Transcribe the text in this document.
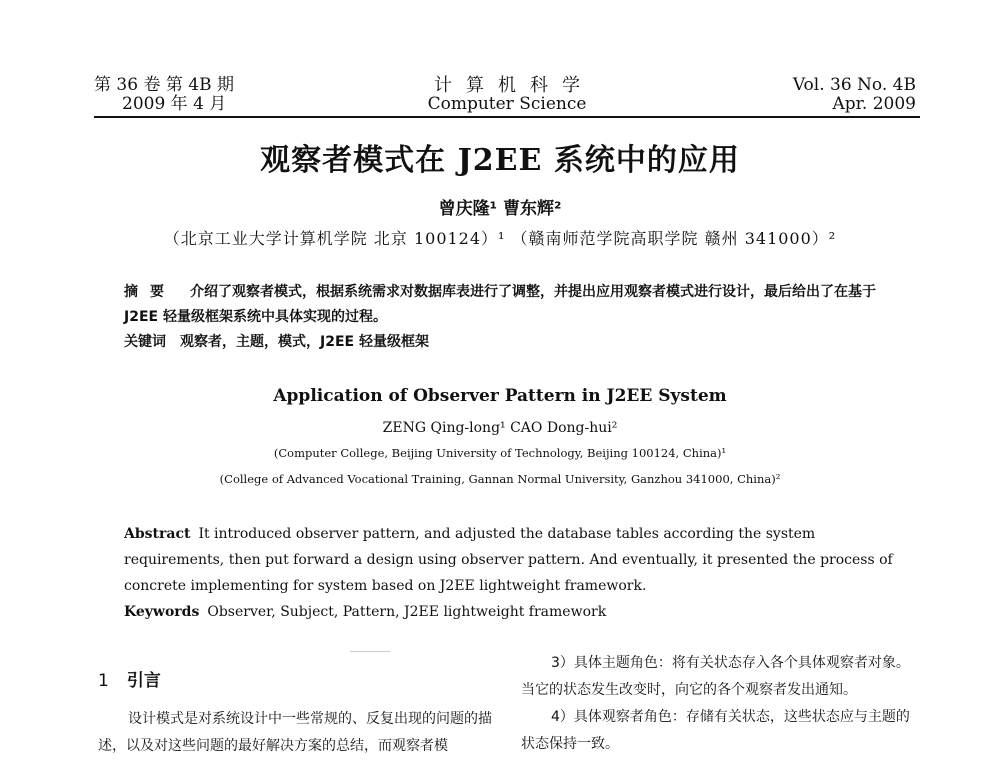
第 36 卷 第 4B 期
2009 年 4 月
计算机科学
Computer Science
Vol. 36 No. 4B
Apr. 2009
观察者模式在 J2EE 系统中的应用
曾庆隆¹ 曹东辉²
（北京工业大学计算机学院 北京 100124）¹ （赣南师范学院高职学院 赣州 341000）²
摘要 介绍了观察者模式，根据系统需求对数据库表进行了调整，并提出应用观察者模式进行设计，最后给出了在基于 J2EE 轻量级框架系统中具体实现的过程。
关键词 观察者，主题，模式，J2EE 轻量级框架
Application of Observer Pattern in J2EE System
ZENG Qing-long¹ CAO Dong-hui²
(Computer College, Beijing University of Technology, Beijing 100124, China)¹
(College of Advanced Vocational Training, Gannan Normal University, Ganzhou 341000, China)²
Abstract It introduced observer pattern, and adjusted the database tables according the system requirements, then put forward a design using observer pattern. And eventually, it presented the process of concrete implementing for system based on J2EE lightweight framework.
Keywords Observer, Subject, Pattern, J2EE lightweight framework
1 引言
设计模式是对系统设计中一些常规的、反复出现的问题的描述，以及对这些问题的最好解决方案的总结，而观察者模
3）具体主题角色：将有关状态存入各个具体观察者对象。当它的状态发生改变时，向它的各个观察者发出通知。
4）具体观察者角色：存储有关状态，这些状态应与主题的状态保持一致。
